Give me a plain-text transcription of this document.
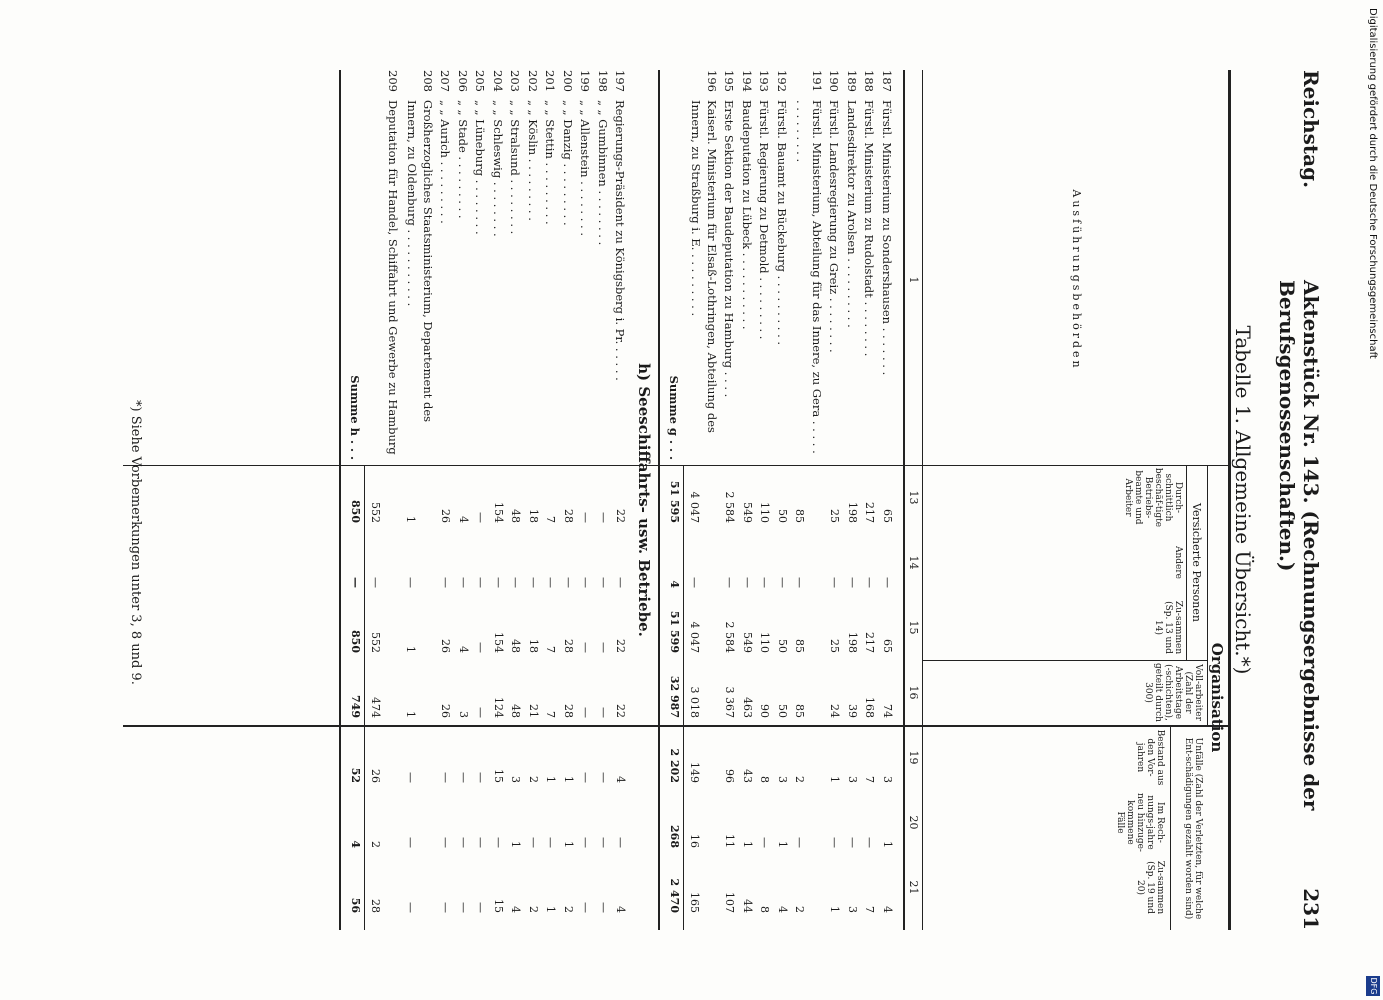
Digitalisierung gefördert durch die Deutsche Forschungsgemeinschaft
DFG
Reichstag.
Aktenstück Nr. 143. (Rechnungsergebnisse der Berufsgenossenschaften.)
231
Tabelle 1. Allgemeine Übersicht.*)
Organisation
Versicherte Personen
Unfälle (Zahl der Verletzten, für welche Ent-schädigungen gezahlt worden sind)
Ausführungsbehörden
Durch-schnittlich beschäf-tigte Betriebs-beamte und Arbeiter
Andere
Zu-sammen (Sp. 13 und 14)
Voll-arbeiter (Zahl der Arbeitstage (-schichten), geteilt durch 300)
Bestand aus den Vor-jahren
Im Rech-nungs-jahre neu hinzuge-kommene Fälle
Zu-sammen (Sp. 19 und 20)
1
13
14
15
16
19
20
21
187
Fürstl. Ministerium zu Sondershausen . . . . . . .
65
—
65
74
3
1
4
188
Fürstl. Ministerium zu Rudolstadt . . . . . . . .
217
—
217
168
7
—
7
189
Landesdirektor zu Arolsen . . . . . . . . . .
198
—
198
39
3
—
3
190
Fürstl. Landesregierung zu Greiz . . . . . . . .
25
—
25
24
1
—
1
191
Fürstl. Ministerium, Abteilung für das Innere, zu Gera . . . . . . . . . . . . . .
85
—
85
85
2
—
2
192
Fürstl. Bauamt zu Bückeburg . . . . . . . . . .
50
—
50
50
3
1
4
193
Fürstl. Regierung zu Detmold . . . . . . . . .
110
—
110
90
8
—
8
194
Baudeputation zu Lübeck . . . . . . . . . . .
549
—
549
463
43
1
44
195
Erste Sektion der Baudeputation zu Hamburg . . . .
2 584
—
2 584
3 367
96
11
107
196
Kaiserl. Ministerium für Elsaß-Lothringen, Abteilung des Innern, zu Straßburg i. E. . . . . . . . . .
4 047
—
4 047
3 018
149
16
165
Summe g . . .
51 595
4
51 599
32 987
2 202
268
2 470
h) Seeschiffahrts- usw. Betriebe.
197
Regierungs-Präsident zu Königsberg i. Pr. . . . . .
22
—
22
22
4
—
4
198
„ „ Gumbinnen . . . . . . . .
—
—
—
—
—
—
—
199
„ „ Allenstein . . . . . . . .
—
—
—
—
—
—
—
200
„ „ Danzig . . . . . . . . .
28
—
28
28
1
1
2
201
„ „ Stettin . . . . . . . . .
7
—
7
7
1
—
1
202
„ „ Köslin . . . . . . . . .
18
—
18
21
2
—
2
203
„ „ Stralsund . . . . . . . .
48
—
48
48
3
1
4
204
„ „ Schleswig . . . . . . . .
154
—
154
124
15
—
15
205
„ „ Lüneburg . . . . . . . .
—
—
—
—
—
—
—
206
„ „ Stade . . . . . . . . .
4
—
4
3
—
—
—
207
„ „ Aurich . . . . . . . . .
26
—
26
26
—
—
—
208
Großherzogliches Staatsministerium, Departement des Innern, zu Oldenburg . . . . . . . . . . .
1
—
1
1
—
—
—
209
Deputation für Handel, Schiffahrt und Gewerbe zu Hamburg
552
—
552
474
26
2
28
Summe h . . .
850
—
850
749
52
4
56
*) Siehe Vorbemerkungen unter 3, 8 und 9.
